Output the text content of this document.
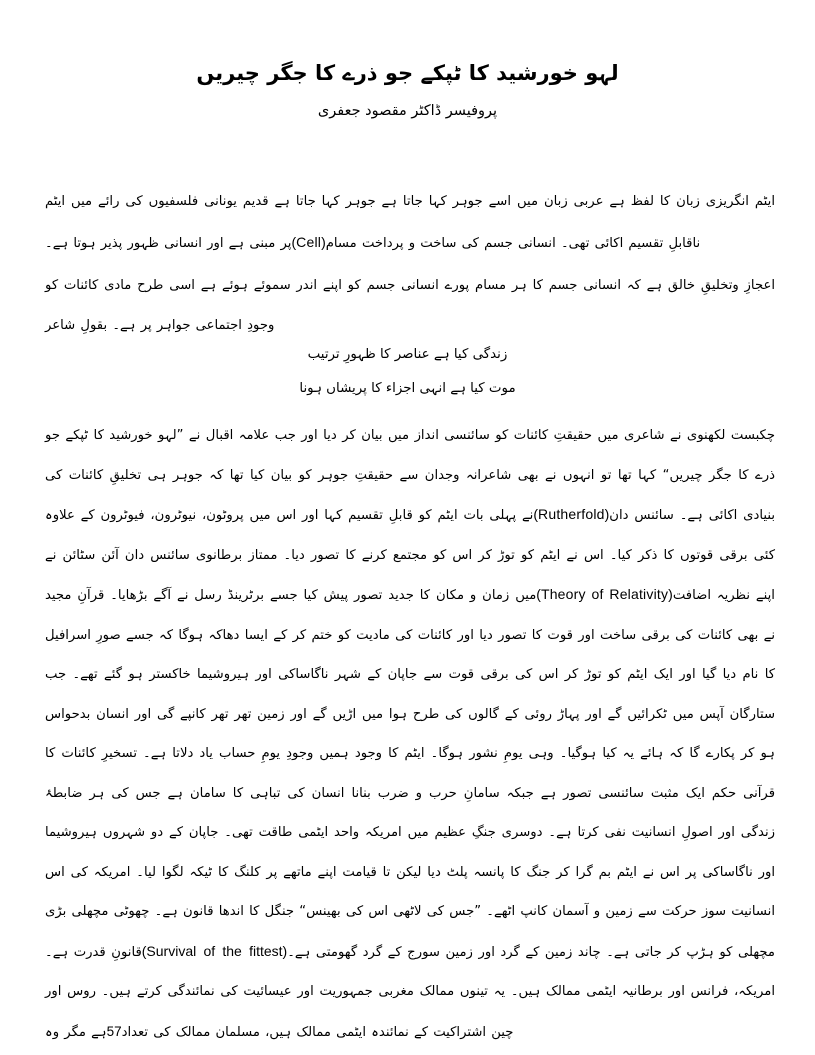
لہو خورشید کا ٹپکے جو ذرے کا جگر چیریں

پروفیسر ڈاکٹر مقصود جعفری

ایٹم انگریزی زبان کا لفظ ہے عربی زبان میں اسے جوہر کہا جاتا ہے جوہر کہا جاتا ہے قدیم یونانی فلسفیوں کی رائے میں ایٹم ناقابلِ تقسیم اکائی تھی۔ انسانی جسم کی ساخت و پرداخت مسام(Cell)پر مبنی ہے اور انسانی ظہور پذیر ہوتا ہے۔

اعجازِ وتخلیقِ خالق ہے کہ انسانی جسم کا ہر مسام پورے انسانی جسم کو اپنے اندر سموئے ہوئے ہے اسی طرح مادی کائنات کو وجودِ اجتماعی جواہر پر ہے۔ بقولِ شاعر

زندگی کیا ہے عناصر کا ظہورِ ترتیب

موت کیا ہے انہی اجزاء کا پریشاں ہونا

چکبست لکھنوی نے شاعری میں حقیقتِ کائنات کو سائنسی انداز میں بیان کر دیا اور جب علامہ اقبال نے ”لہو خورشید کا ٹپکے جو ذرے کا جگر چیریں“ کہا تھا تو انہوں نے بھی شاعرانہ وجدان سے حقیقتِ جوہر کو بیان کیا تھا کہ جوہر ہی تخلیقِ کائنات کی بنیادی اکائی ہے۔ سائنس دان(Rutherfold)نے پہلی بات ایٹم کو قابلِ تقسیم کہا اور اس میں پروٹون، نیوٹرون، فیوٹرون کے علاوہ کئی برقی قوتوں کا ذکر کیا۔ اس نے ایٹم کو توڑ کر اس کو مجتمع کرنے کا تصور دیا۔ ممتاز برطانوی سائنس دان آئن سٹائن نے اپنے نظریہ اضافت(Theory of Relativity)میں زمان و مکان کا جدید تصور پیش کیا جسے برٹرینڈ رسل نے آگے بڑھایا۔ قرآنِ مجید نے بھی کائنات کی برقی ساخت اور قوت کا تصور دیا اور کائنات کی مادیت کو ختم کر کے ایسا دھاکہ ہوگا کہ جسے صورِ اسرافیل کا نام دیا گیا اور ایک ایٹم کو توڑ کر اس کی برقی قوت سے جاپان کے شہر ناگاساکی اور ہیروشیما خاکستر ہو گئے تھے۔ جب ستارگان آپس میں ٹکرائیں گے اور پہاڑ روئی کے گالوں کی طرح ہوا میں اڑیں گے اور زمین تھر تھر کانپے گی اور انسان بدحواس ہو کر پکارے گا کہ ہائے یہ کیا ہوگیا۔ وہی یومِ نشور ہوگا۔ ایٹم کا وجود ہمیں وجودِ یومِ حساب یاد دلاتا ہے۔ تسخیرِ کائنات کا قرآنی حکم ایک مثبت سائنسی تصور ہے جبکہ سامانِ حرب و ضرب بنانا انسان کی تباہی کا سامان ہے جس کی ہر ضابطۂ زندگی اور اصولِ انسانیت نفی کرتا ہے۔ دوسری جنگِ عظیم میں امریکہ واحد ایٹمی طاقت تھی۔ جاپان کے دو شہروں ہیروشیما اور ناگاساکی پر اس نے ایٹم بم گرا کر جنگ کا پانسہ پلٹ دیا لیکن تا قیامت اپنے ماتھے پر کلنگ کا ٹیکہ لگوا لیا۔ امریکہ کی اس انسانیت سوز حرکت سے زمین و آسمان کانپ اٹھے۔ ”جس کی لاٹھی اس کی بھینس“ جنگل کا اندھا قانون ہے۔ چھوٹی مچھلی بڑی مچھلی کو ہڑپ کر جاتی ہے۔ چاند زمین کے گرد اور زمین سورج کے گرد گھومتی ہے۔(Survival of the fittest)قانونِ قدرت ہے۔ امریکہ، فرانس اور برطانیہ ایٹمی ممالک ہیں۔ یہ تینوں ممالک مغربی جمہوریت اور عیسائیت کی نمائندگی کرتے ہیں۔ روس اور چین اشتراکیت کے نمائندہ ایٹمی ممالک ہیں، مسلمان ممالک کی تعداد57ہے مگر وہ
